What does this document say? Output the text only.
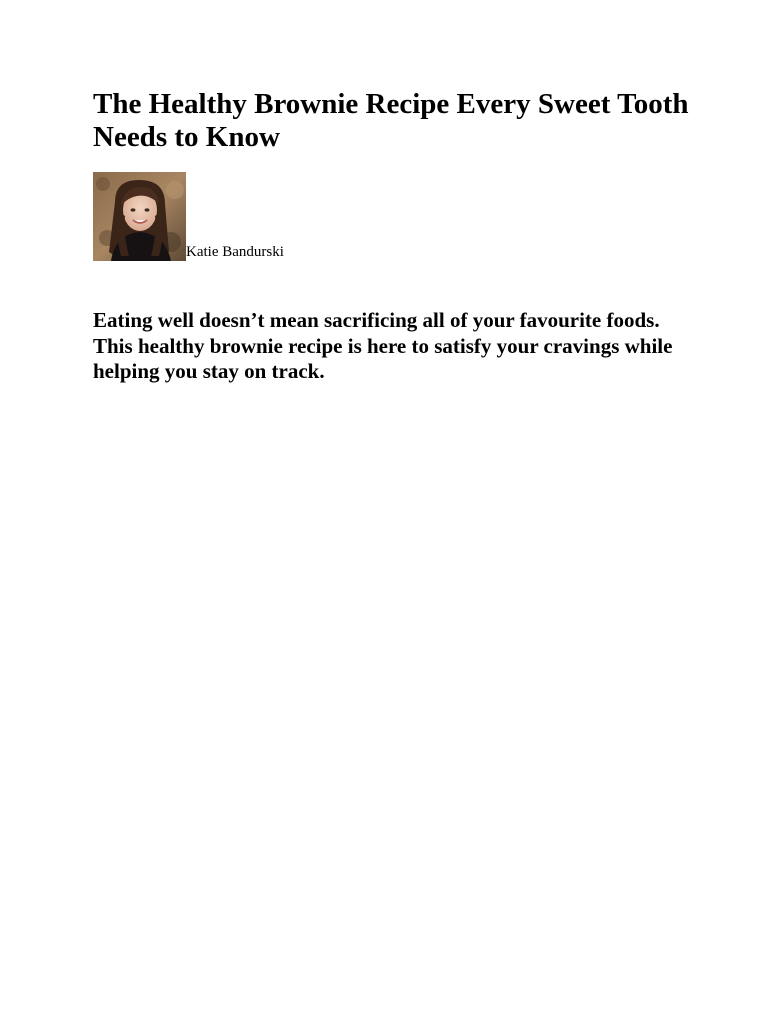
The Healthy Brownie Recipe Every Sweet Tooth Needs to Know
Katie Bandurski

Eating well doesn’t mean sacrificing all of your favourite foods. This healthy brownie recipe is here to satisfy your cravings while helping you stay on track.
